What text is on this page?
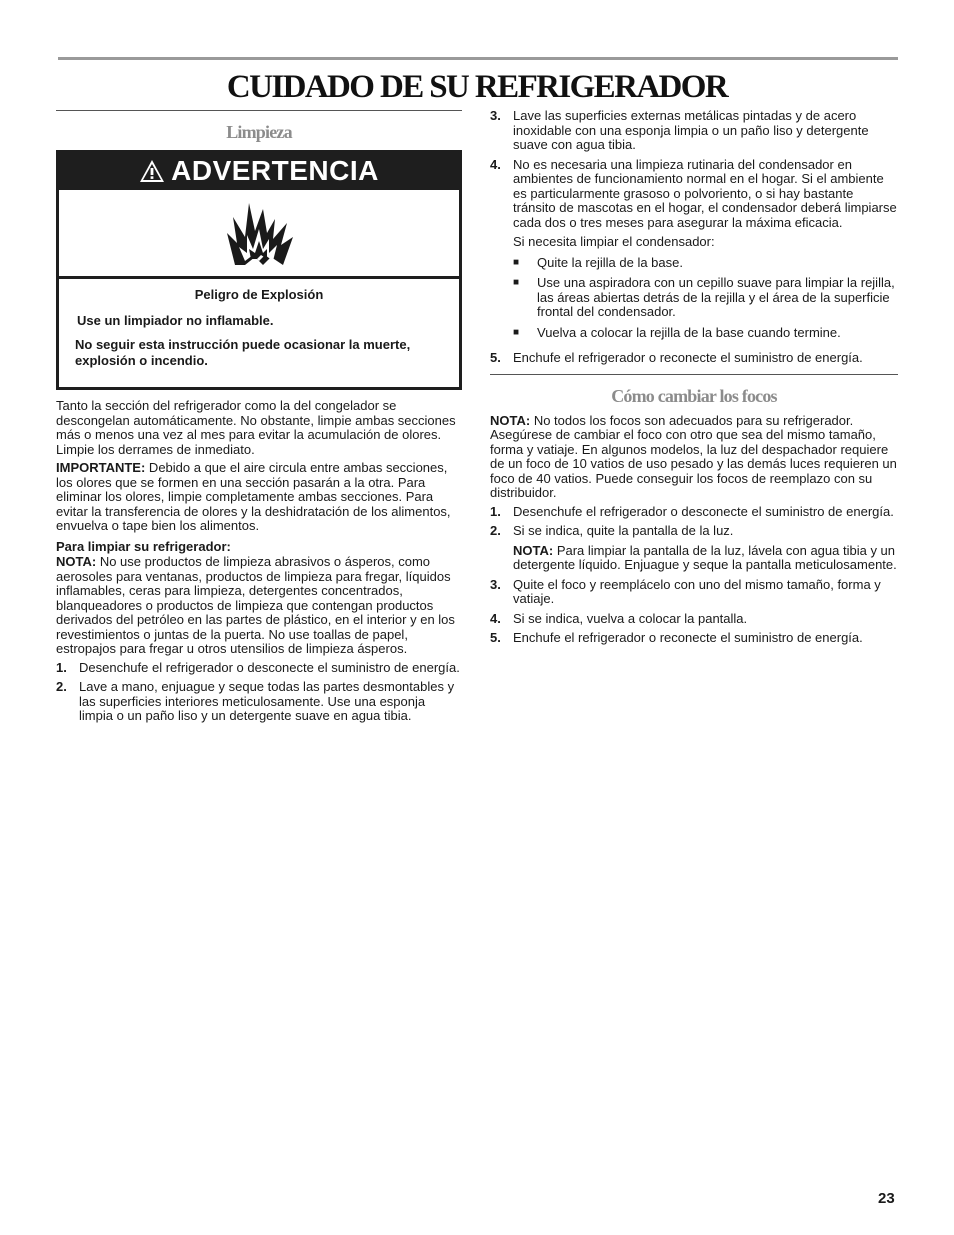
CUIDADO DE SU REFRIGERADOR
Limpieza
ADVERTENCIA

Peligro de Explosión

Use un limpiador no inflamable.

No seguir esta instrucción puede ocasionar la muerte, explosión o incendio.

Tanto la sección del refrigerador como la del congelador se descongelan automáticamente. No obstante, limpie ambas secciones más o menos una vez al mes para evitar la acumulación de olores. Limpie los derrames de inmediato.

IMPORTANTE: Debido a que el aire circula entre ambas secciones, los olores que se formen en una sección pasarán a la otra. Para eliminar los olores, limpie completamente ambas secciones. Para evitar la transferencia de olores y la deshidratación de los alimentos, envuelva o tape bien los alimentos.

Para limpiar su refrigerador:

NOTA: No use productos de limpieza abrasivos o ásperos, como aerosoles para ventanas, productos de limpieza para fregar, líquidos inflamables, ceras para limpieza, detergentes concentrados, blanqueadores o productos de limpieza que contengan productos derivados del petróleo en las partes de plástico, en el interior y en los revestimientos o juntas de la puerta. No use toallas de papel, estropajos para fregar u otros utensilios de limpieza ásperos.

1. Desenchufe el refrigerador o desconecte el suministro de energía.
2. Lave a mano, enjuague y seque todas las partes desmontables y las superficies interiores meticulosamente. Use una esponja limpia o un paño liso y un detergente suave en agua tibia.
3. Lave las superficies externas metálicas pintadas y de acero inoxidable con una esponja limpia o un paño liso y detergente suave con agua tibia.
4. No es necesaria una limpieza rutinaria del condensador en ambientes de funcionamiento normal en el hogar. Si el ambiente es particularmente grasoso o polvoriento, o si hay bastante tránsito de mascotas en el hogar, el condensador deberá limpiarse cada dos o tres meses para asegurar la máxima eficacia.

Si necesita limpiar el condensador:

■	Quite la rejilla de la base.
■	Use una aspiradora con un cepillo suave para limpiar la rejilla, las áreas abiertas detrás de la rejilla y el área de la superficie frontal del condensador.
■	Vuelva a colocar la rejilla de la base cuando termine.
5. Enchufe el refrigerador o reconecte el suministro de energía.
Cómo cambiar los focos

NOTA: No todos los focos son adecuados para su refrigerador. Asegúrese de cambiar el foco con otro que sea del mismo tamaño, forma y vatiaje. En algunos modelos, la luz del despachador requiere de un foco de 10 vatios de uso pesado y las demás luces requieren un foco de 40 vatios. Puede conseguir los focos de reemplazo con su distribuidor.

1. Desenchufe el refrigerador o desconecte el suministro de energía.
2. Si se indica, quite la pantalla de la luz.

NOTA: Para limpiar la pantalla de la luz, lávela con agua tibia y un detergente líquido. Enjuague y seque la pantalla meticulosamente.

3. Quite el foco y reemplácelo con uno del mismo tamaño, forma y vatiaje.
4. Si se indica, vuelva a colocar la pantalla.
5. Enchufe el refrigerador o reconecte el suministro de energía.
23
